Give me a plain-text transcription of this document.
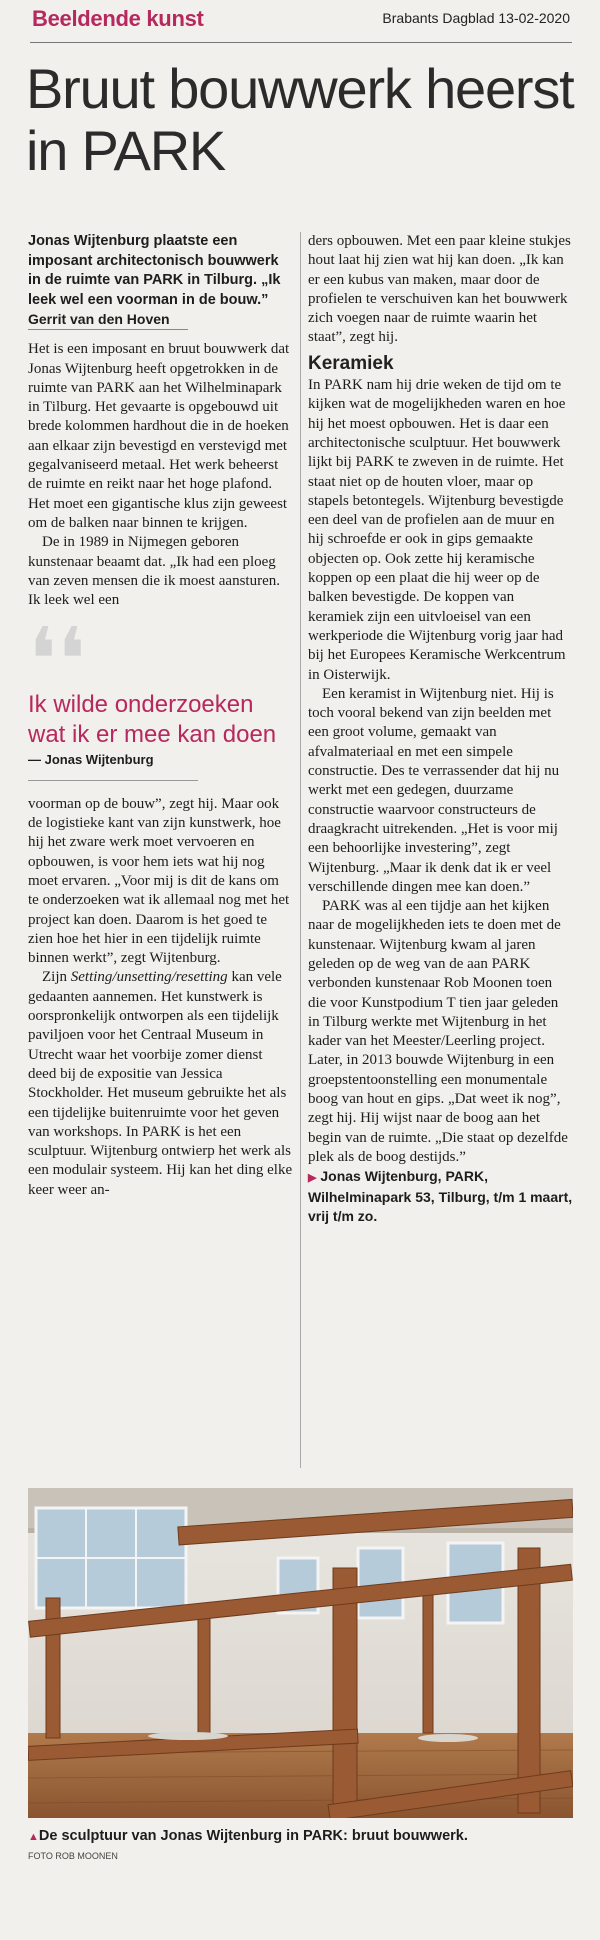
Beeldende kunst	Brabants Dagblad 13-02-2020
Bruut bouwwerk heerst in PARK

Jonas Wijtenburg plaatste een imposant architectonisch bouwwerk in de ruimte van PARK in Tilburg. „Ik leek wel een voorman in de bouw.”

Gerrit van den Hoven

Het is een imposant en bruut bouwwerk dat Jonas Wijtenburg heeft opgetrokken in de ruimte van PARK aan het Wilhelminapark in Tilburg. Het gevaarte is opgebouwd uit brede kolommen hardhout die in de hoeken aan elkaar zijn bevestigd en verstevigd met gegalvaniseerd metaal. Het werk beheerst de ruimte en reikt naar het hoge plafond. Het moet een gigantische klus zijn geweest om de balken naar binnen te krijgen.

De in 1989 in Nijmegen geboren kunstenaar beaamt dat. „Ik had een ploeg van zeven mensen die ik moest aansturen. Ik leek wel een

❛❛

Ik wilde onderzoeken wat ik er mee kan doen

— Jonas Wijtenburg

voorman op de bouw”, zegt hij. Maar ook de logistieke kant van zijn kunstwerk, hoe hij het zware werk moet vervoeren en opbouwen, is voor hem iets wat hij nog moet ervaren. „Voor mij is dit de kans om te onderzoeken wat ik allemaal nog met het project kan doen. Daarom is het goed te zien hoe het hier in een tijdelijk ruimte binnen werkt”, zegt Wijtenburg.

Zijn Setting/unsetting/resetting kan vele gedaanten aannemen. Het kunstwerk is oorspronkelijk ontworpen als een tijdelijk paviljoen voor het Centraal Museum in Utrecht waar het voorbije zomer dienst deed bij de expositie van Jessica Stockholder. Het museum gebruikte het als een tijdelijke buitenruimte voor het geven van workshops. In PARK is het een sculptuur. Wijtenburg ontwierp het werk als een modulair systeem. Hij kan het ding elke keer weer an-

ders opbouwen. Met een paar kleine stukjes hout laat hij zien wat hij kan doen. „Ik kan er een kubus van maken, maar door de profielen te verschuiven kan het bouwwerk zich voegen naar de ruimte waarin het staat”, zegt hij.

Keramiek

In PARK nam hij drie weken de tijd om te kijken wat de mogelijkheden waren en hoe hij het moest opbouwen. Het is daar een architectonische sculptuur. Het bouwwerk lijkt bij PARK te zweven in de ruimte. Het staat niet op de houten vloer, maar op stapels betontegels. Wijtenburg bevestigde een deel van de profielen aan de muur en hij schroefde er ook in gips gemaakte objecten op. Ook zette hij keramische koppen op een plaat die hij weer op de balken bevestigde. De koppen van keramiek zijn een uitvloeisel van een werkperiode die Wijtenburg vorig jaar had bij het Europees Keramische Werkcentrum in Oisterwijk.

Een keramist in Wijtenburg niet. Hij is toch vooral bekend van zijn beelden met een groot volume, gemaakt van afvalmateriaal en met een simpele constructie. Des te verrassender dat hij nu werkt met een gedegen, duurzame constructie waarvoor constructeurs de draagkracht uitrekenden. „Het is voor mij een behoorlijke investering”, zegt Wijtenburg. „Maar ik denk dat ik er veel verschillende dingen mee kan doen.”

PARK was al een tijdje aan het kijken naar de mogelijkheden iets te doen met de kunstenaar. Wijtenburg kwam al jaren geleden op de weg van de aan PARK verbonden kunstenaar Rob Moonen toen die voor Kunstpodium T tien jaar geleden in Tilburg werkte met Wijtenburg in het kader van het Meester/Leerling project. Later, in 2013 bouwde Wijtenburg in een groepstentoonstelling een monumentale boog van hout en gips. „Dat weet ik nog”, zegt hij. Hij wijst naar de boog aan het begin van de ruimte. „Die staat op dezelfde plek als de boog destijds.”

▶ Jonas Wijtenburg, PARK, Wilhelminapark 53, Tilburg, t/m 1 maart, vrij t/m zo.

▲De sculptuur van Jonas Wijtenburg in PARK: bruut bouwwerk.
FOTO ROB MOONEN
